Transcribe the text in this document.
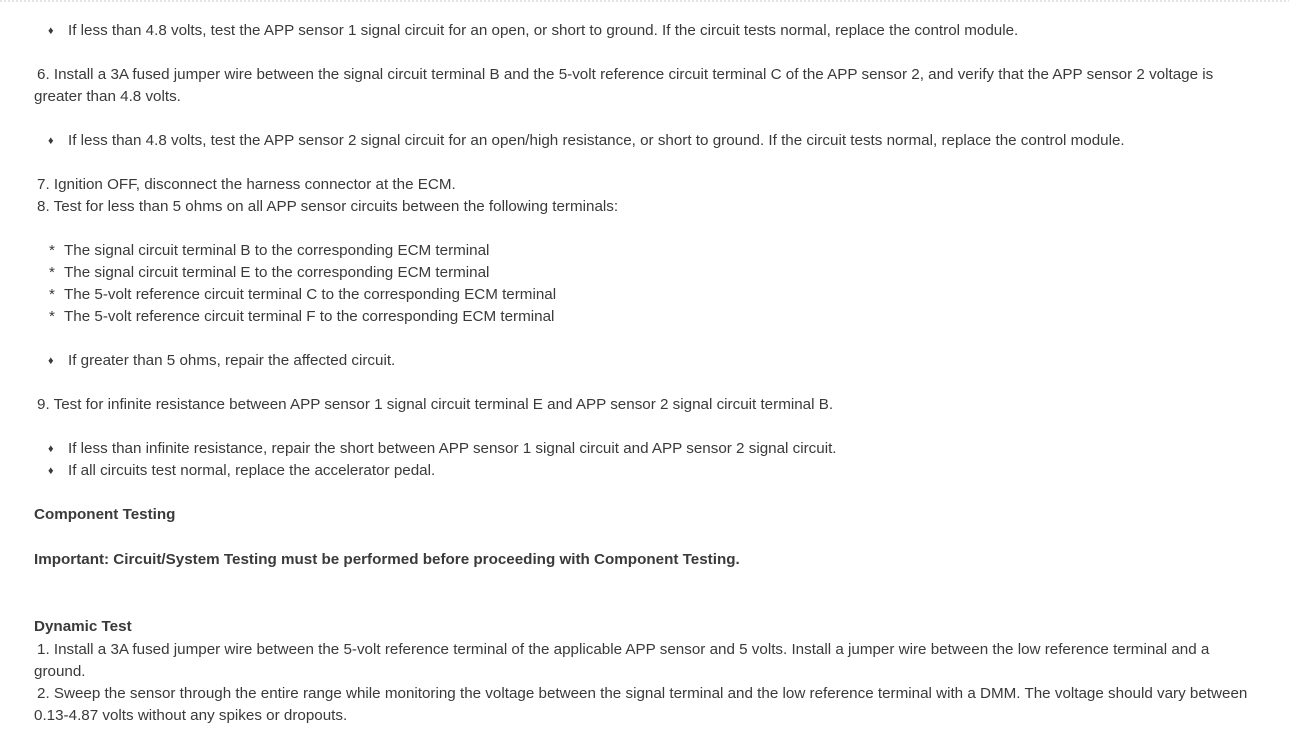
♦ If less than 4.8 volts, test the APP sensor 1 signal circuit for an open, or short to ground. If the circuit tests normal, replace the control module.
6. Install a 3A fused jumper wire between the signal circuit terminal B and the 5-volt reference circuit terminal C of the APP sensor 2, and verify that the APP sensor 2 voltage is greater than 4.8 volts.
♦ If less than 4.8 volts, test the APP sensor 2 signal circuit for an open/high resistance, or short to ground. If the circuit tests normal, replace the control module.
7. Ignition OFF, disconnect the harness connector at the ECM.
8. Test for less than 5 ohms on all APP sensor circuits between the following terminals:
* The signal circuit terminal B to the corresponding ECM terminal
* The signal circuit terminal E to the corresponding ECM terminal
* The 5-volt reference circuit terminal C to the corresponding ECM terminal
* The 5-volt reference circuit terminal F to the corresponding ECM terminal
♦ If greater than 5 ohms, repair the affected circuit.
9. Test for infinite resistance between APP sensor 1 signal circuit terminal E and APP sensor 2 signal circuit terminal B.
♦ If less than infinite resistance, repair the short between APP sensor 1 signal circuit and APP sensor 2 signal circuit.
♦ If all circuits test normal, replace the accelerator pedal.
Component Testing
Important: Circuit/System Testing must be performed before proceeding with Component Testing.
Dynamic Test
1. Install a 3A fused jumper wire between the 5-volt reference terminal of the applicable APP sensor and 5 volts. Install a jumper wire between the low reference terminal and a ground.
2. Sweep the sensor through the entire range while monitoring the voltage between the signal terminal and the low reference terminal with a DMM. The voltage should vary between 0.13-4.87 volts without any spikes or dropouts.
